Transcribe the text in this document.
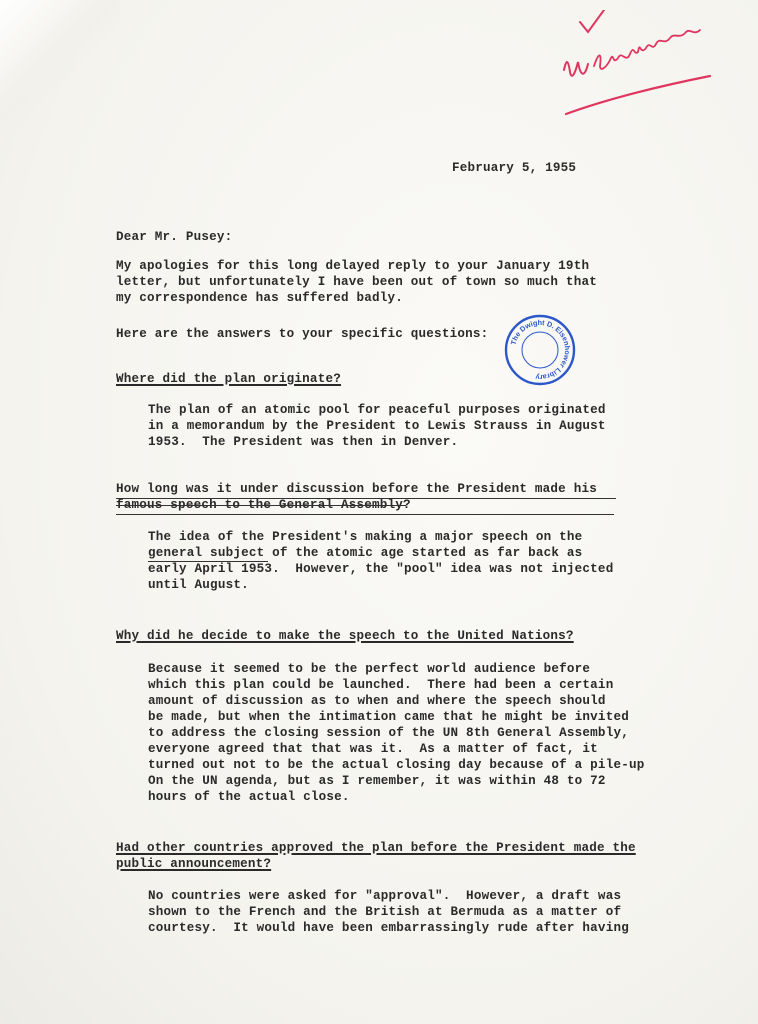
The Dwight D. Eisenhower Library
February 5, 1955
Dear Mr. Pusey:
My apologies for this long delayed reply to your January 19th
letter, but unfortunately I have been out of town so much that
my correspondence has suffered badly.
Here are the answers to your specific questions:
Where did the plan originate?
The plan of an atomic pool for peaceful purposes originated
in a memorandum by the President to Lewis Strauss in August
1953.  The President was then in Denver.
How long was it under discussion before the President made his
famous speech to the General Assembly?
The idea of the President's making a major speech on the
general subject of the atomic age started as far back as
early April 1953.  However, the "pool" idea was not injected
until August.
Why did he decide to make the speech to the United Nations?
Because it seemed to be the perfect world audience before
which this plan could be launched.  There had been a certain
amount of discussion as to when and where the speech should
be made, but when the intimation came that he might be invited
to address the closing session of the UN 8th General Assembly,
everyone agreed that that was it.  As a matter of fact, it
turned out not to be the actual closing day because of a pile-up
On the UN agenda, but as I remember, it was within 48 to 72
hours of the actual close.
Had other countries approved the plan before the President made the
public announcement?
No countries were asked for "approval".  However, a draft was
shown to the French and the British at Bermuda as a matter of
courtesy.  It would have been embarrassingly rude after having
